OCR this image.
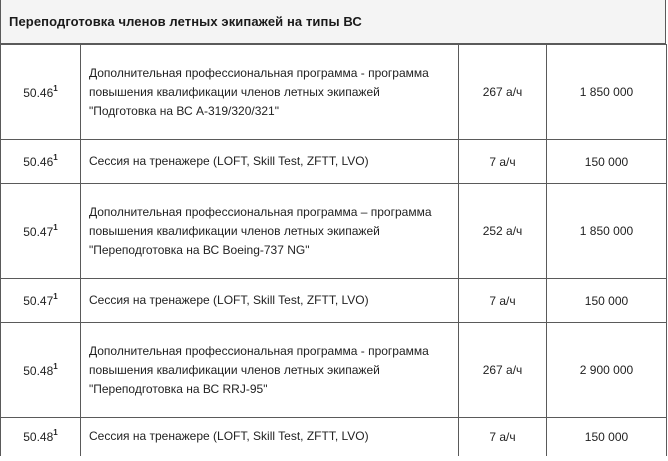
Переподготовка членов летных экипажей на типы ВС
50.46$^1$	Дополнительная профессиональная программа - программа повышения квалификации членов летных экипажей "Подготовка на ВС А-319/320/321"	267 а/ч	1 850 000
50.46$^1$	Сессия на тренажере (LOFT, Skill Test, ZFTT, LVO)	7 а/ч	150 000
50.47$^1$	Дополнительная профессиональная программа – программа повышения квалификации членов летных экипажей "Переподготовка на ВС Boeing-737 NG"	252 а/ч	1 850 000
50.47$^1$	Сессия на тренажере (LOFT, Skill Test, ZFTT, LVO)	7 а/ч	150 000
50.48$^1$	Дополнительная профессиональная программа - программа повышения квалификации членов летных экипажей "Переподготовка на ВС RRJ-95"	267 а/ч	2 900 000
50.48$^1$	Сессия на тренажере (LOFT, Skill Test, ZFTT, LVO)	7 а/ч	150 000
